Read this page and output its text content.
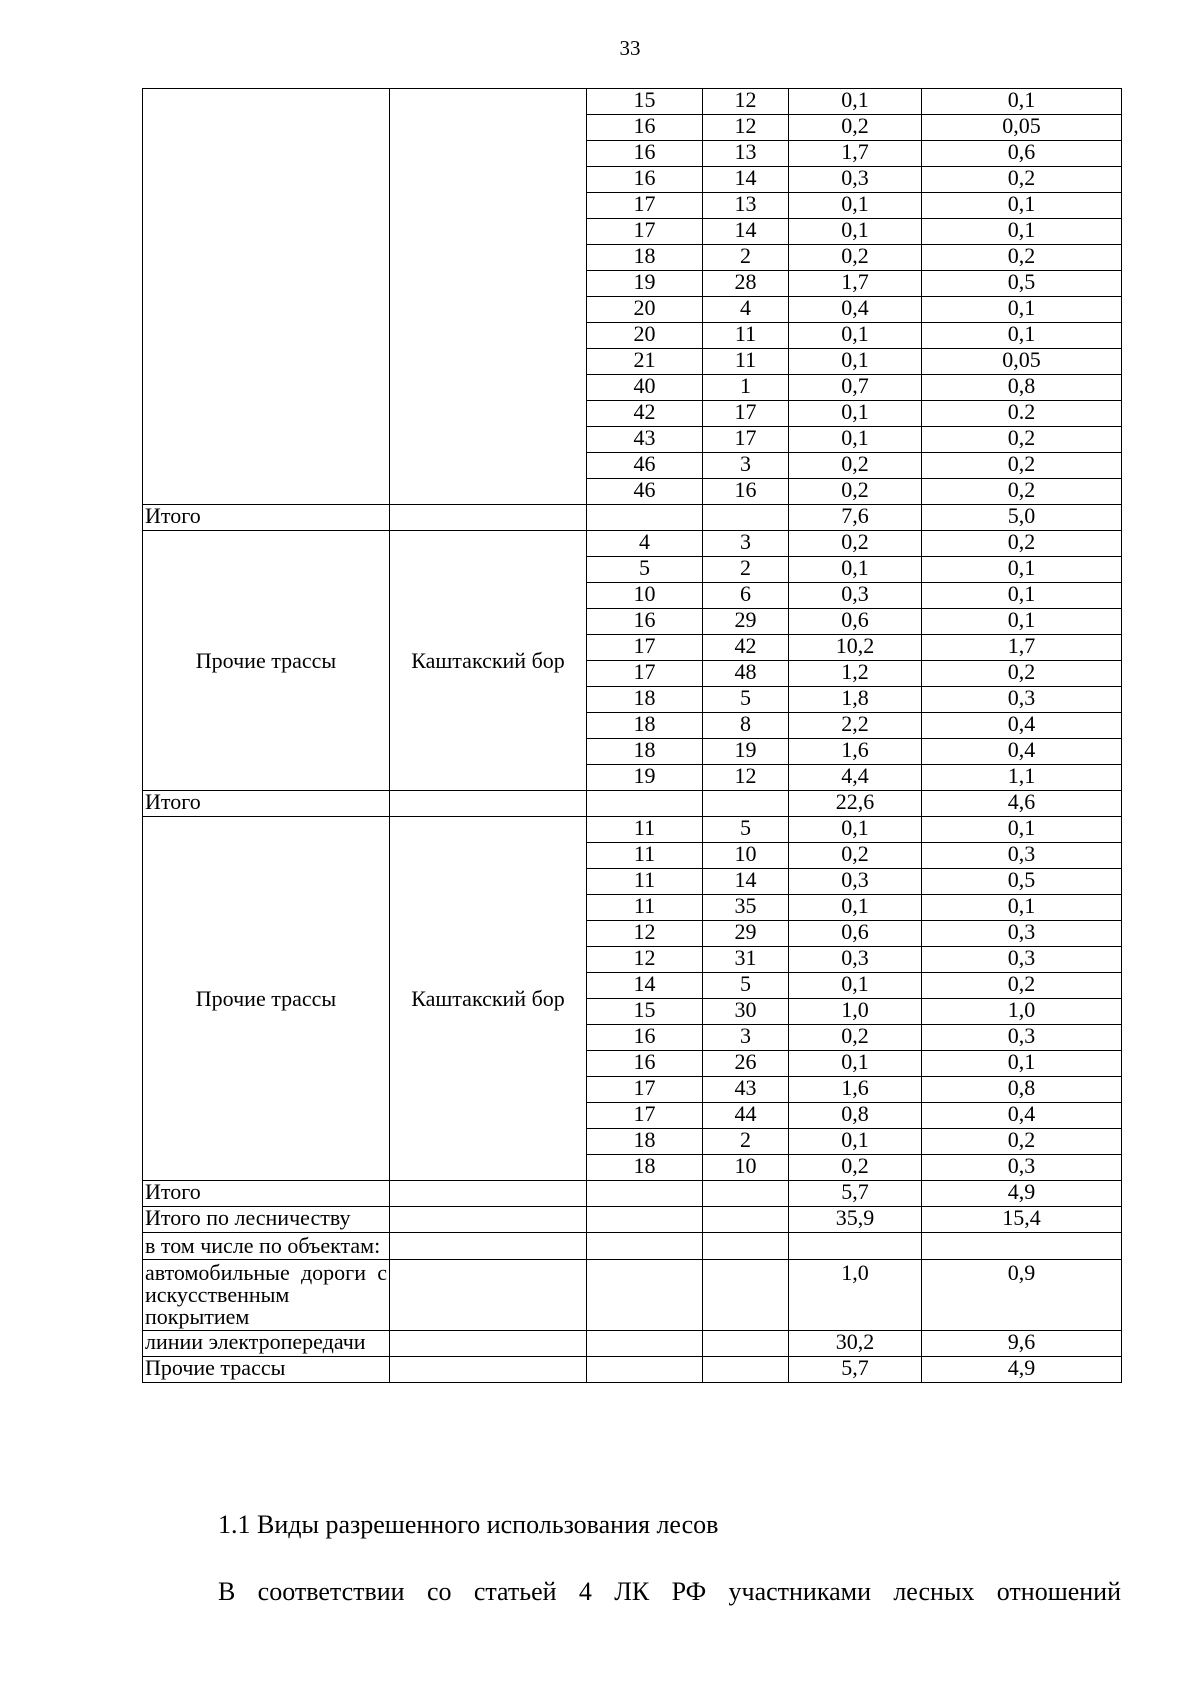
33
		15	12	0,1	0,1
		16	12	0,2	0,05
		16	13	1,7	0,6
		16	14	0,3	0,2
		17	13	0,1	0,1
		17	14	0,1	0,1
		18	2	0,2	0,2
		19	28	1,7	0,5
		20	4	0,4	0,1
		20	11	0,1	0,1
		21	11	0,1	0,05
		40	1	0,7	0,8
		42	17	0,1	0.2
		43	17	0,1	0,2
		46	3	0,2	0,2
		46	16	0,2	0,2
Итого				7,6	5,0
Прочие трассы	Каштакский бор	4	3	0,2	0,2
		5	2	0,1	0,1
		10	6	0,3	0,1
		16	29	0,6	0,1
		17	42	10,2	1,7
		17	48	1,2	0,2
		18	5	1,8	0,3
		18	8	2,2	0,4
		18	19	1,6	0,4
		19	12	4,4	1,1
Итого				22,6	4,6
Прочие трассы	Каштакский бор	11	5	0,1	0,1
		11	10	0,2	0,3
		11	14	0,3	0,5
		11	35	0,1	0,1
		12	29	0,6	0,3
		12	31	0,3	0,3
		14	5	0,1	0,2
		15	30	1,0	1,0
		16	3	0,2	0,3
		16	26	0,1	0,1
		17	43	1,6	0,8
		17	44	0,8	0,4
		18	2	0,1	0,2
		18	10	0,2	0,3
Итого				5,7	4,9
Итого по лесничеству				35,9	15,4
в том числе по объектам:					
автомобильные дороги с искусственным покрытием				1,0	0,9
линии электропередачи				30,2	9,6
Прочие трассы				5,7	4,9
1.1 Виды разрешенного использования лесов

В соответствии со статьей 4 ЛК РФ участниками лесных отношений
